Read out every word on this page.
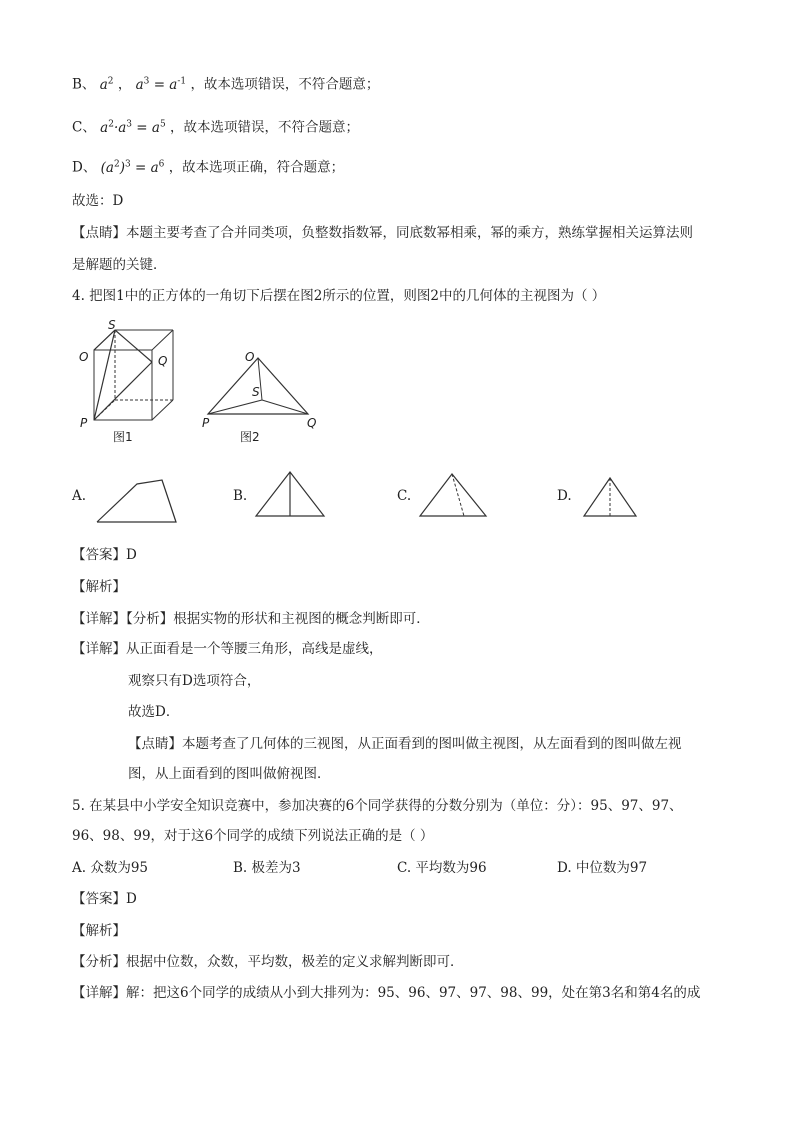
B、 $a^2$ ， $a^3 = a^{-1}$ ，故本选项错误，不符合题意；
C、 $a^2\cdot a^3 = a^5$ ，故本选项错误，不符合题意；
D、 $(a^2)^3 = a^6$ ，故本选项正确，符合题意；
故选：D
【点睛】本题主要考查了合并同类项，负整数指数幂，同底数幂相乘，幂的乘方，熟练掌握相关运算法则
是解题的关键．
4. 把图1中的正方体的一角切下后摆在图2所示的位置，则图2中的几何体的主视图为（ ）
S
O	Q
P
图1
O
S
P	Q
图2
A.	B.	C.	D.
【答案】D
【解析】
【详解】【分析】根据实物的形状和主视图的概念判断即可．
【详解】从正面看是一个等腰三角形，高线是虚线，
观察只有D选项符合，
故选D．
【点睛】本题考查了几何体的三视图，从正面看到的图叫做主视图，从左面看到的图叫做左视
图，从上面看到的图叫做俯视图．
5. 在某县中小学安全知识竞赛中，参加决赛的6个同学获得的分数分别为（单位：分）：95、97、97、
96、98、99，对于这6个同学的成绩下列说法正确的是（ ）
A. 众数为95	B. 极差为3	C. 平均数为96	D. 中位数为97
【答案】D
【解析】
【分析】根据中位数，众数，平均数，极差的定义求解判断即可．
【详解】解：把这6个同学的成绩从小到大排列为：95、96、97、97、98、99，处在第3名和第4名的成
